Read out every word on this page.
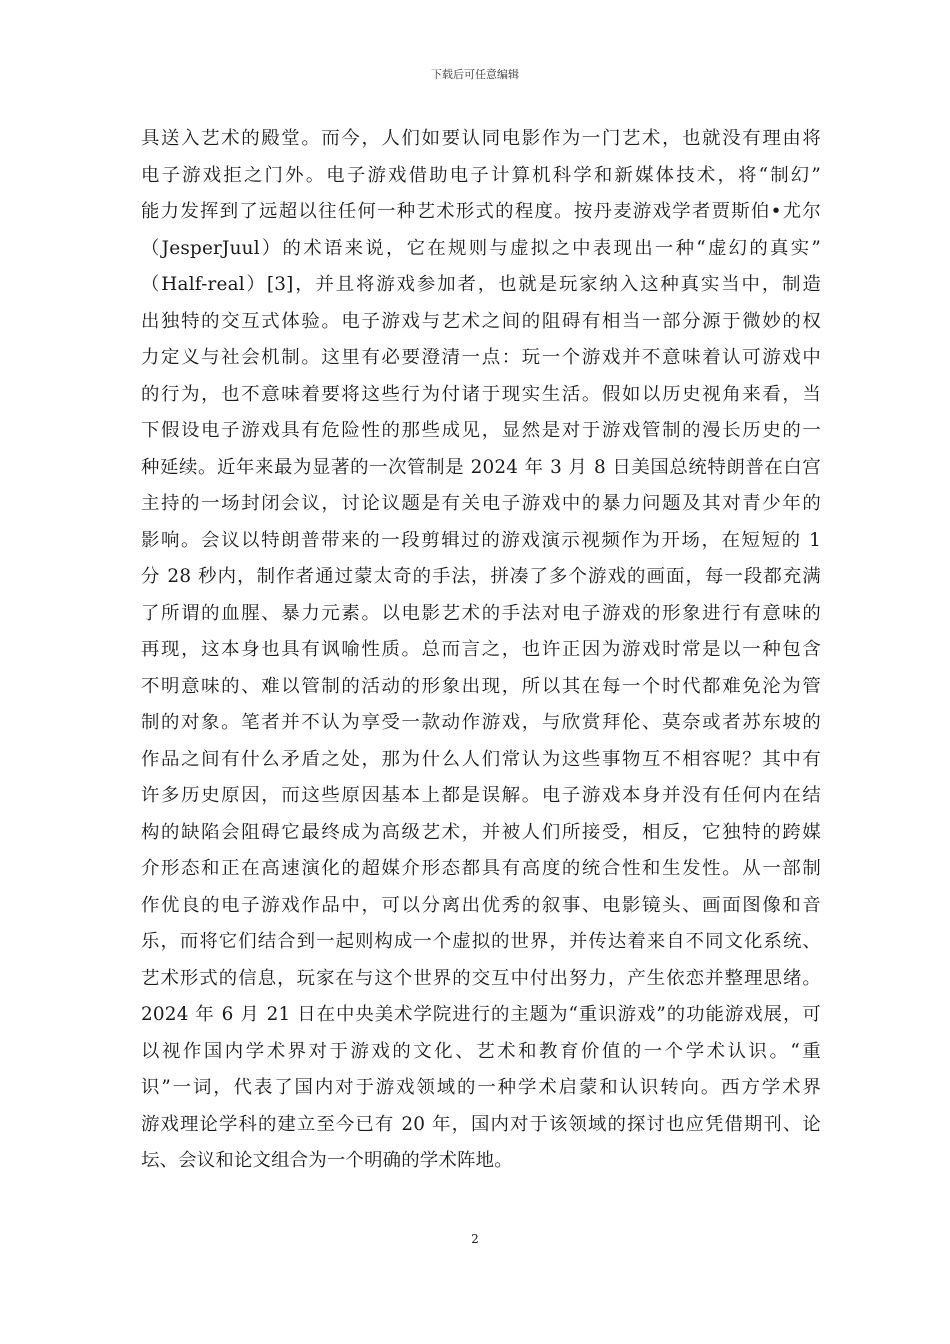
下载后可任意编辑
具送入艺术的殿堂。而今，人们如要认同电影作为一门艺术，也就没有理由将
电子游戏拒之门外。电子游戏借助电子计算机科学和新媒体技术，将“制幻”
能力发挥到了远超以往任何一种艺术形式的程度。按丹麦游戏学者贾斯伯•尤尔
（JesperJuul）的术语来说，它在规则与虚拟之中表现出一种“虚幻的真实”
（Half-real）[3]，并且将游戏参加者，也就是玩家纳入这种真实当中，制造
出独特的交互式体验。电子游戏与艺术之间的阻碍有相当一部分源于微妙的权
力定义与社会机制。这里有必要澄清一点：玩一个游戏并不意味着认可游戏中
的行为，也不意味着要将这些行为付诸于现实生活。假如以历史视角来看，当
下假设电子游戏具有危险性的那些成见，显然是对于游戏管制的漫长历史的一
种延续。近年来最为显著的一次管制是 2024 年 3 月 8 日美国总统特朗普在白宫
主持的一场封闭会议，讨论议题是有关电子游戏中的暴力问题及其对青少年的
影响。会议以特朗普带来的一段剪辑过的游戏演示视频作为开场，在短短的 1
分 28 秒内，制作者通过蒙太奇的手法，拼凑了多个游戏的画面，每一段都充满
了所谓的血腥、暴力元素。以电影艺术的手法对电子游戏的形象进行有意味的
再现，这本身也具有讽喻性质。总而言之，也许正因为游戏时常是以一种包含
不明意味的、难以管制的活动的形象出现，所以其在每一个时代都难免沦为管
制的对象。笔者并不认为享受一款动作游戏，与欣赏拜伦、莫奈或者苏东坡的
作品之间有什么矛盾之处，那为什么人们常认为这些事物互不相容呢？其中有
许多历史原因，而这些原因基本上都是误解。电子游戏本身并没有任何内在结
构的缺陷会阻碍它最终成为高级艺术，并被人们所接受，相反，它独特的跨媒
介形态和正在高速演化的超媒介形态都具有高度的统合性和生发性。从一部制
作优良的电子游戏作品中，可以分离出优秀的叙事、电影镜头、画面图像和音
乐，而将它们结合到一起则构成一个虚拟的世界，并传达着来自不同文化系统、
艺术形式的信息，玩家在与这个世界的交互中付出努力，产生依恋并整理思绪。
2024 年 6 月 21 日在中央美术学院进行的主题为“重识游戏”的功能游戏展，可
以视作国内学术界对于游戏的文化、艺术和教育价值的一个学术认识。“重
识”一词，代表了国内对于游戏领域的一种学术启蒙和认识转向。西方学术界
游戏理论学科的建立至今已有 20 年，国内对于该领域的探讨也应凭借期刊、论
坛、会议和论文组合为一个明确的学术阵地。
2
